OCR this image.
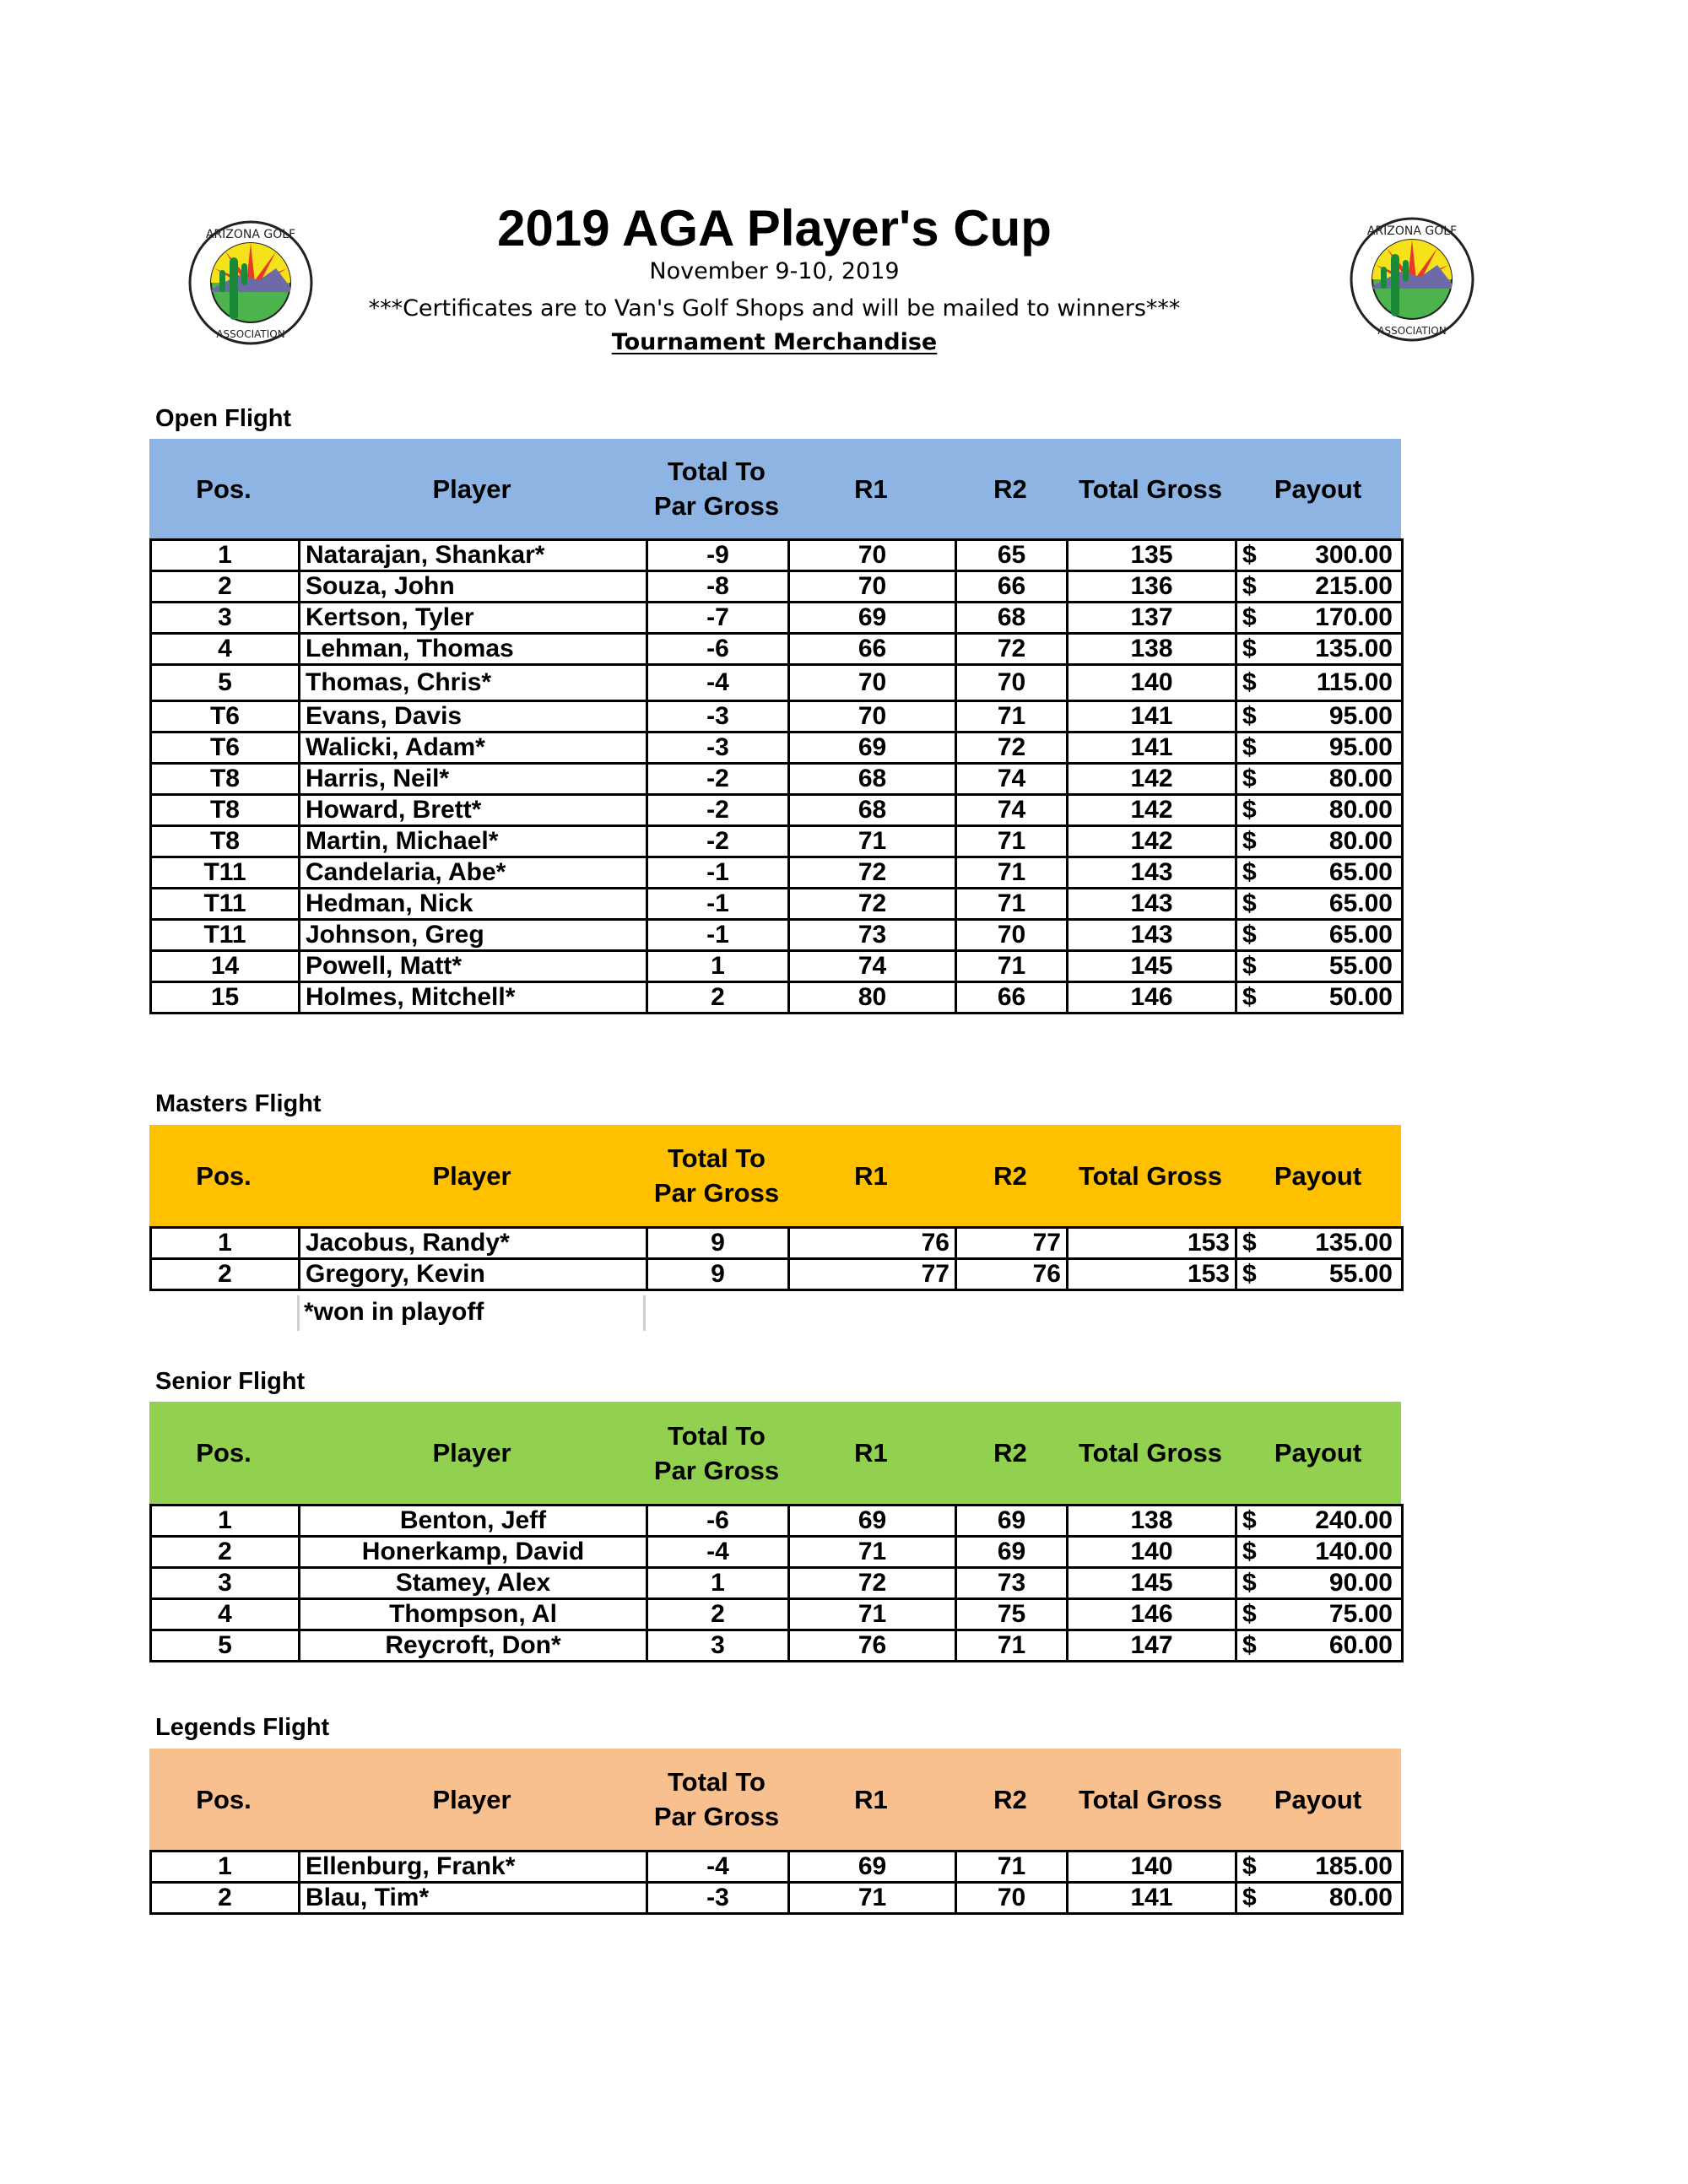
ARIZONA GOLF
ASSOCIATION
ARIZONA GOLF
ASSOCIATION
2019 AGA Player's Cup
November 9-10, 2019
***Certificates are to Van's Golf Shops and will be mailed to winners***
Tournament Merchandise
Open Flight
Pos.	Player
Total To
Par Gross
R1	R2	Total Gross	Payout
1	Natarajan, Shankar*	-9	70	65	135	$ 300.00

2	Souza, John	-8	70	66	136	$ 215.00

3	Kertson, Tyler	-7	69	68	137	$ 170.00

4	Lehman, Thomas	-6	66	72	138	$ 135.00

5	Thomas, Chris*	-4	70	70	140	$ 115.00

T6	Evans, Davis	-3	70	71	141	$ 95.00

T6	Walicki, Adam*	-3	69	72	141	$ 95.00

T8	Harris, Neil*	-2	68	74	142	$ 80.00

T8	Howard, Brett*	-2	68	74	142	$ 80.00

T8	Martin, Michael*	-2	71	71	142	$ 80.00

T11	Candelaria, Abe*	-1	72	71	143	$ 65.00

T11	Hedman, Nick	-1	72	71	143	$ 65.00

T11	Johnson, Greg	-1	73	70	143	$ 65.00

14	Powell, Matt*	1	74	71	145	$ 55.00

15	Holmes, Mitchell*	2	80	66	146	$ 50.00
Masters Flight
Pos.	Player
Total To
Par Gross
R1	R2	Total Gross	Payout
1	Jacobus, Randy*	9	76	77	153	$ 135.00

2	Gregory, Kevin	9	77	76	153	$ 55.00
*won in playoff
Senior Flight
Pos.	Player
Total To
Par Gross
R1	R2	Total Gross	Payout
1	Benton, Jeff	-6	69	69	138	$ 240.00

2	Honerkamp, David	-4	71	69	140	$ 140.00

3	Stamey, Alex	1	72	73	145	$ 90.00

4	Thompson, Al	2	71	75	146	$ 75.00

5	Reycroft, Don*	3	76	71	147	$ 60.00
Legends Flight
Pos.	Player
Total To
Par Gross
R1	R2	Total Gross	Payout
1	Ellenburg, Frank*	-4	69	71	140	$ 185.00

2	Blau, Tim*	-3	71	70	141	$ 80.00
